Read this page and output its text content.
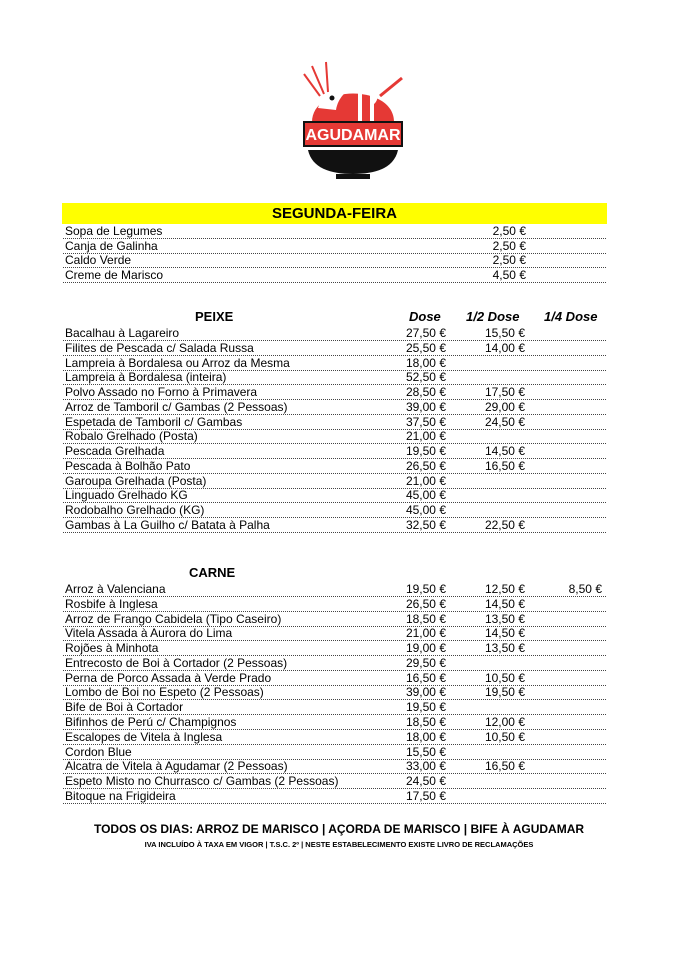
AGUDAMAR
SEGUNDA-FEIRA
Sopa de Legumes	2,50 €
Canja de Galinha	2,50 €
Caldo Verde	2,50 €
Creme de Marisco	4,50 €
PEIXE	Dose 1/2 Dose 1/4 Dose
Bacalhau à Lagareiro	27,50 €	15,50 €
Filites de Pescada c/ Salada Russa	25,50 €	14,00 €
Lampreia à Bordalesa ou Arroz da Mesma	18,00 €
Lampreia à Bordalesa (inteira)	52,50 €
Polvo Assado no Forno à Primavera	28,50 €	17,50 €
Arroz de Tamboril c/ Gambas (2 Pessoas)	39,00 €	29,00 €
Espetada de Tamboril c/ Gambas	37,50 €	24,50 €
Robalo Grelhado (Posta)	21,00 €
Pescada Grelhada	19,50 €	14,50 €
Pescada à Bolhão Pato	26,50 €	16,50 €
Garoupa Grelhada (Posta)	21,00 €
Linguado Grelhado KG	45,00 €
Rodobalho Grelhado (KG)	45,00 €
Gambas à La Guilho c/ Batata à Palha	32,50 €	22,50 €
CARNE
Arroz à Valenciana	19,50 €	12,50 €	8,50 €
Rosbife à Inglesa	26,50 €	14,50 €
Arroz de Frango Cabidela (Tipo Caseiro)	18,50 €	13,50 €
Vitela Assada à Aurora do Lima	21,00 €	14,50 €
Rojões à Minhota	19,00 €	13,50 €
Entrecosto de Boi à Cortador (2 Pessoas)	29,50 €
Perna de Porco Assada à Verde Prado	16,50 €	10,50 €
Lombo de Boi no Espeto (2 Pessoas)	39,00 €	19,50 €
Bife de Boi à Cortador	19,50 €
Bifinhos de Perú c/ Champignos	18,50 €	12,00 €
Escalopes de Vitela à Inglesa	18,00 €	10,50 €
Cordon Blue	15,50 €
Alcatra de Vitela à Agudamar (2 Pessoas)	33,00 €	16,50 €
Espeto Misto no Churrasco c/ Gambas (2 Pessoas)	24,50 €
Bitoque na Frigideira	17,50 €
TODOS OS DIAS: ARROZ DE MARISCO | AÇORDA DE MARISCO | BIFE À AGUDAMAR
IVA INCLUÍDO À TAXA EM VIGOR | T.S.C. 2º | NESTE ESTABELECIMENTO EXISTE LIVRO DE RECLAMAÇÕES
